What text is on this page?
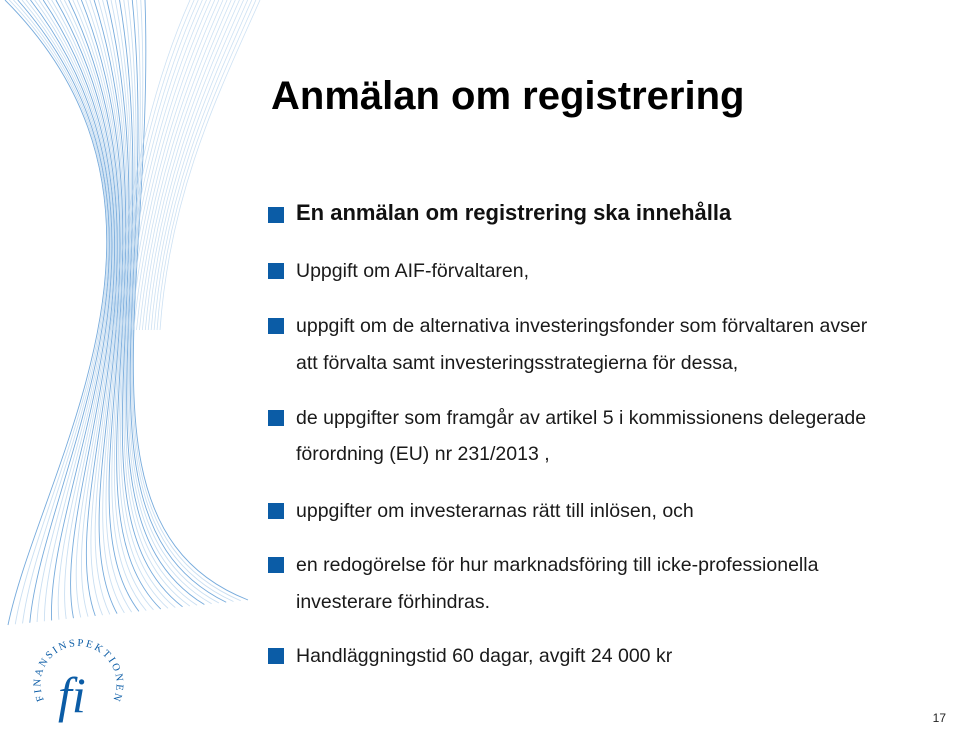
FINANSINSPEKTIONEN
fi
Anmälan om registrering
En anmälan om registrering ska innehålla
Uppgift om AIF-förvaltaren,
uppgift om de alternativa investeringsfonder som förvaltaren avser
att förvalta samt investeringsstrategierna för dessa,
de uppgifter som framgår av artikel 5 i kommissionens delegerade
förordning (EU) nr 231/2013 ,
uppgifter om investerarnas rätt till inlösen, och
en redogörelse för hur marknadsföring till icke-professionella
investerare förhindras.
Handläggningstid 60 dagar, avgift 24 000 kr
17
